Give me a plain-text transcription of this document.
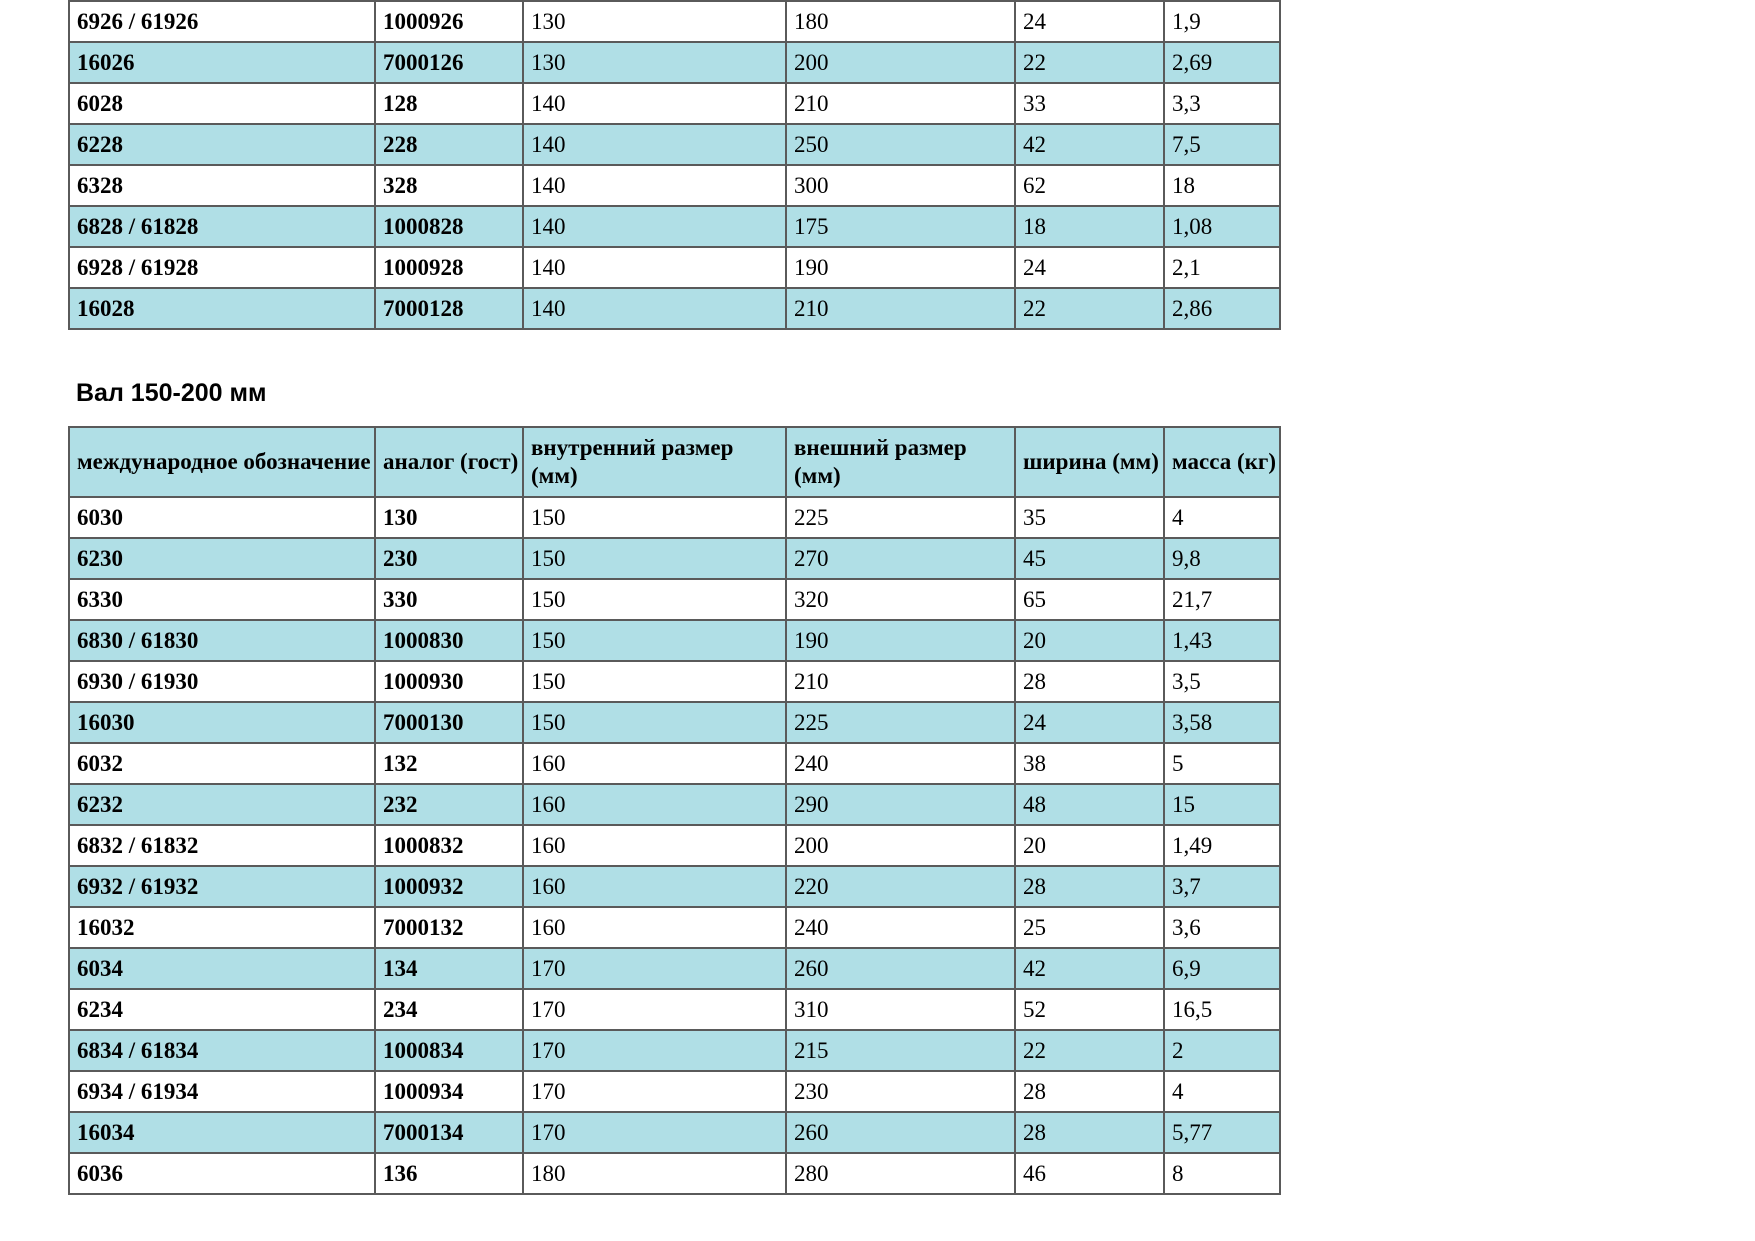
6926 / 61926	1000926	130	180	24	1,9
16026	7000126	130	200	22	2,69
6028	128	140	210	33	3,3
6228	228	140	250	42	7,5
6328	328	140	300	62	18
6828 / 61828	1000828	140	175	18	1,08
6928 / 61928	1000928	140	190	24	2,1
16028	7000128	140	210	22	2,86
Вал 150-200 мм
международное обозначение	аналог (гост)	внутренний размер (мм)	внешний размер (мм)	ширина (мм)	масса (кг)
6030	130	150	225	35	4
6230	230	150	270	45	9,8
6330	330	150	320	65	21,7
6830 / 61830	1000830	150	190	20	1,43
6930 / 61930	1000930	150	210	28	3,5
16030	7000130	150	225	24	3,58
6032	132	160	240	38	5
6232	232	160	290	48	15
6832 / 61832	1000832	160	200	20	1,49
6932 / 61932	1000932	160	220	28	3,7
16032	7000132	160	240	25	3,6
6034	134	170	260	42	6,9
6234	234	170	310	52	16,5
6834 / 61834	1000834	170	215	22	2
6934 / 61934	1000934	170	230	28	4
16034	7000134	170	260	28	5,77
6036	136	180	280	46	8
